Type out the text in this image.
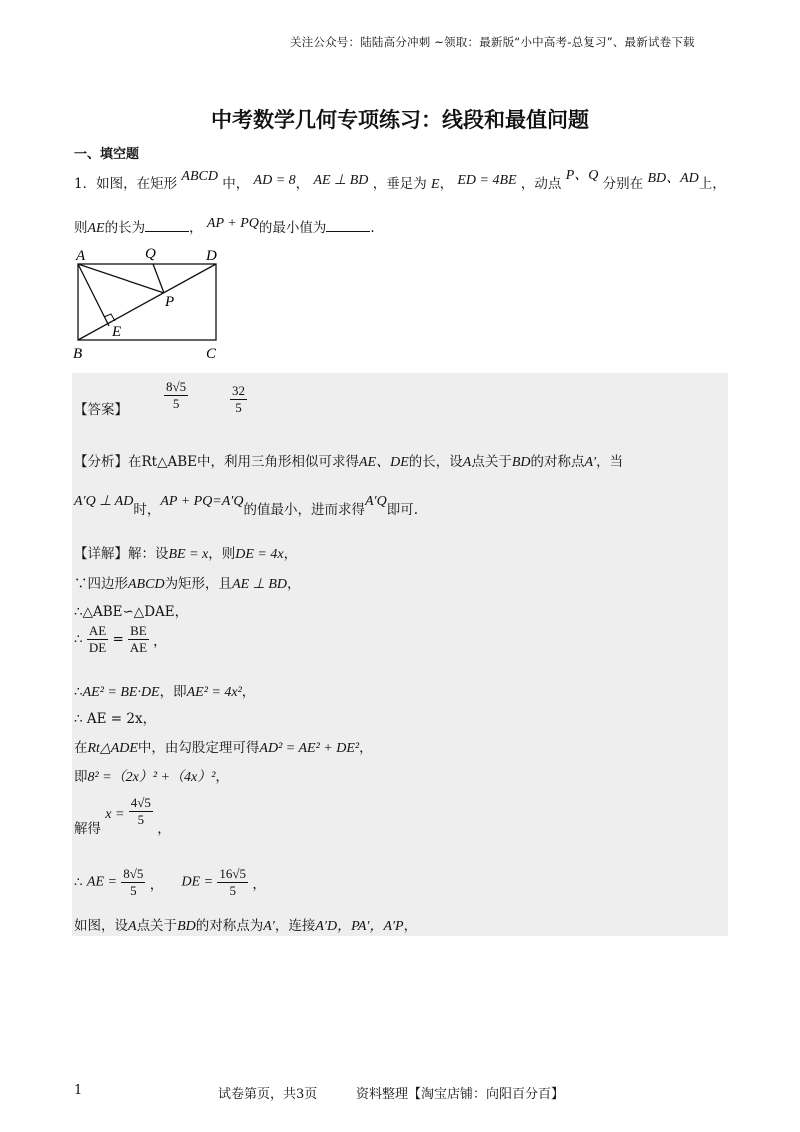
关注公众号：陆陆高分冲刺 ~领取：最新版“小中高考-总复习”、最新试卷下载
中考数学几何专项练习：线段和最值问题
一、填空题
1．如图，在矩形 ABCD 中， AD = 8， AE ⊥ BD ，垂足为 E， ED = 4BE ，动点 P、Q 分别在 BD、AD上，
则AE的长为	， AP + PQ的最小值为	.
A	Q	D
P
E
B	C
【答案】	$\frac{8√5}{5}$	$\frac{32}{5}$
【分析】在Rt△ABE中，利用三角形相似可求得AE、DE的长，设A点关于BD的对称点A′，当
A′Q ⊥ AD时，AP + PQ=A′Q的值最小，进而求得A′Q即可.
【详解】解：设BE = x，则DE = 4x，
∵四边形ABCD为矩形，且AE ⊥ BD，
∴△ABE∽△DAE，
∴ $\frac{AE}{DE} = \frac{BE}{AE}$ ，
∴AE² = BE·DE，即AE² = 4x²，
∴ AE = 2x，
在Rt△ADE中，由勾股定理可得AD² = AE² + DE²，
即8² =（2x）² +（4x）²，
解得 $x = \frac{4√5}{5}$
，
∴ AE = $\frac{8√5}{5}$ ， DE = $\frac{16√5}{5}$ ，
如图，设A点关于BD的对称点为A′，连接A′D，PA′，A′P，
1	试卷第页，共3页	资料整理【淘宝店铺：向阳百分百】
